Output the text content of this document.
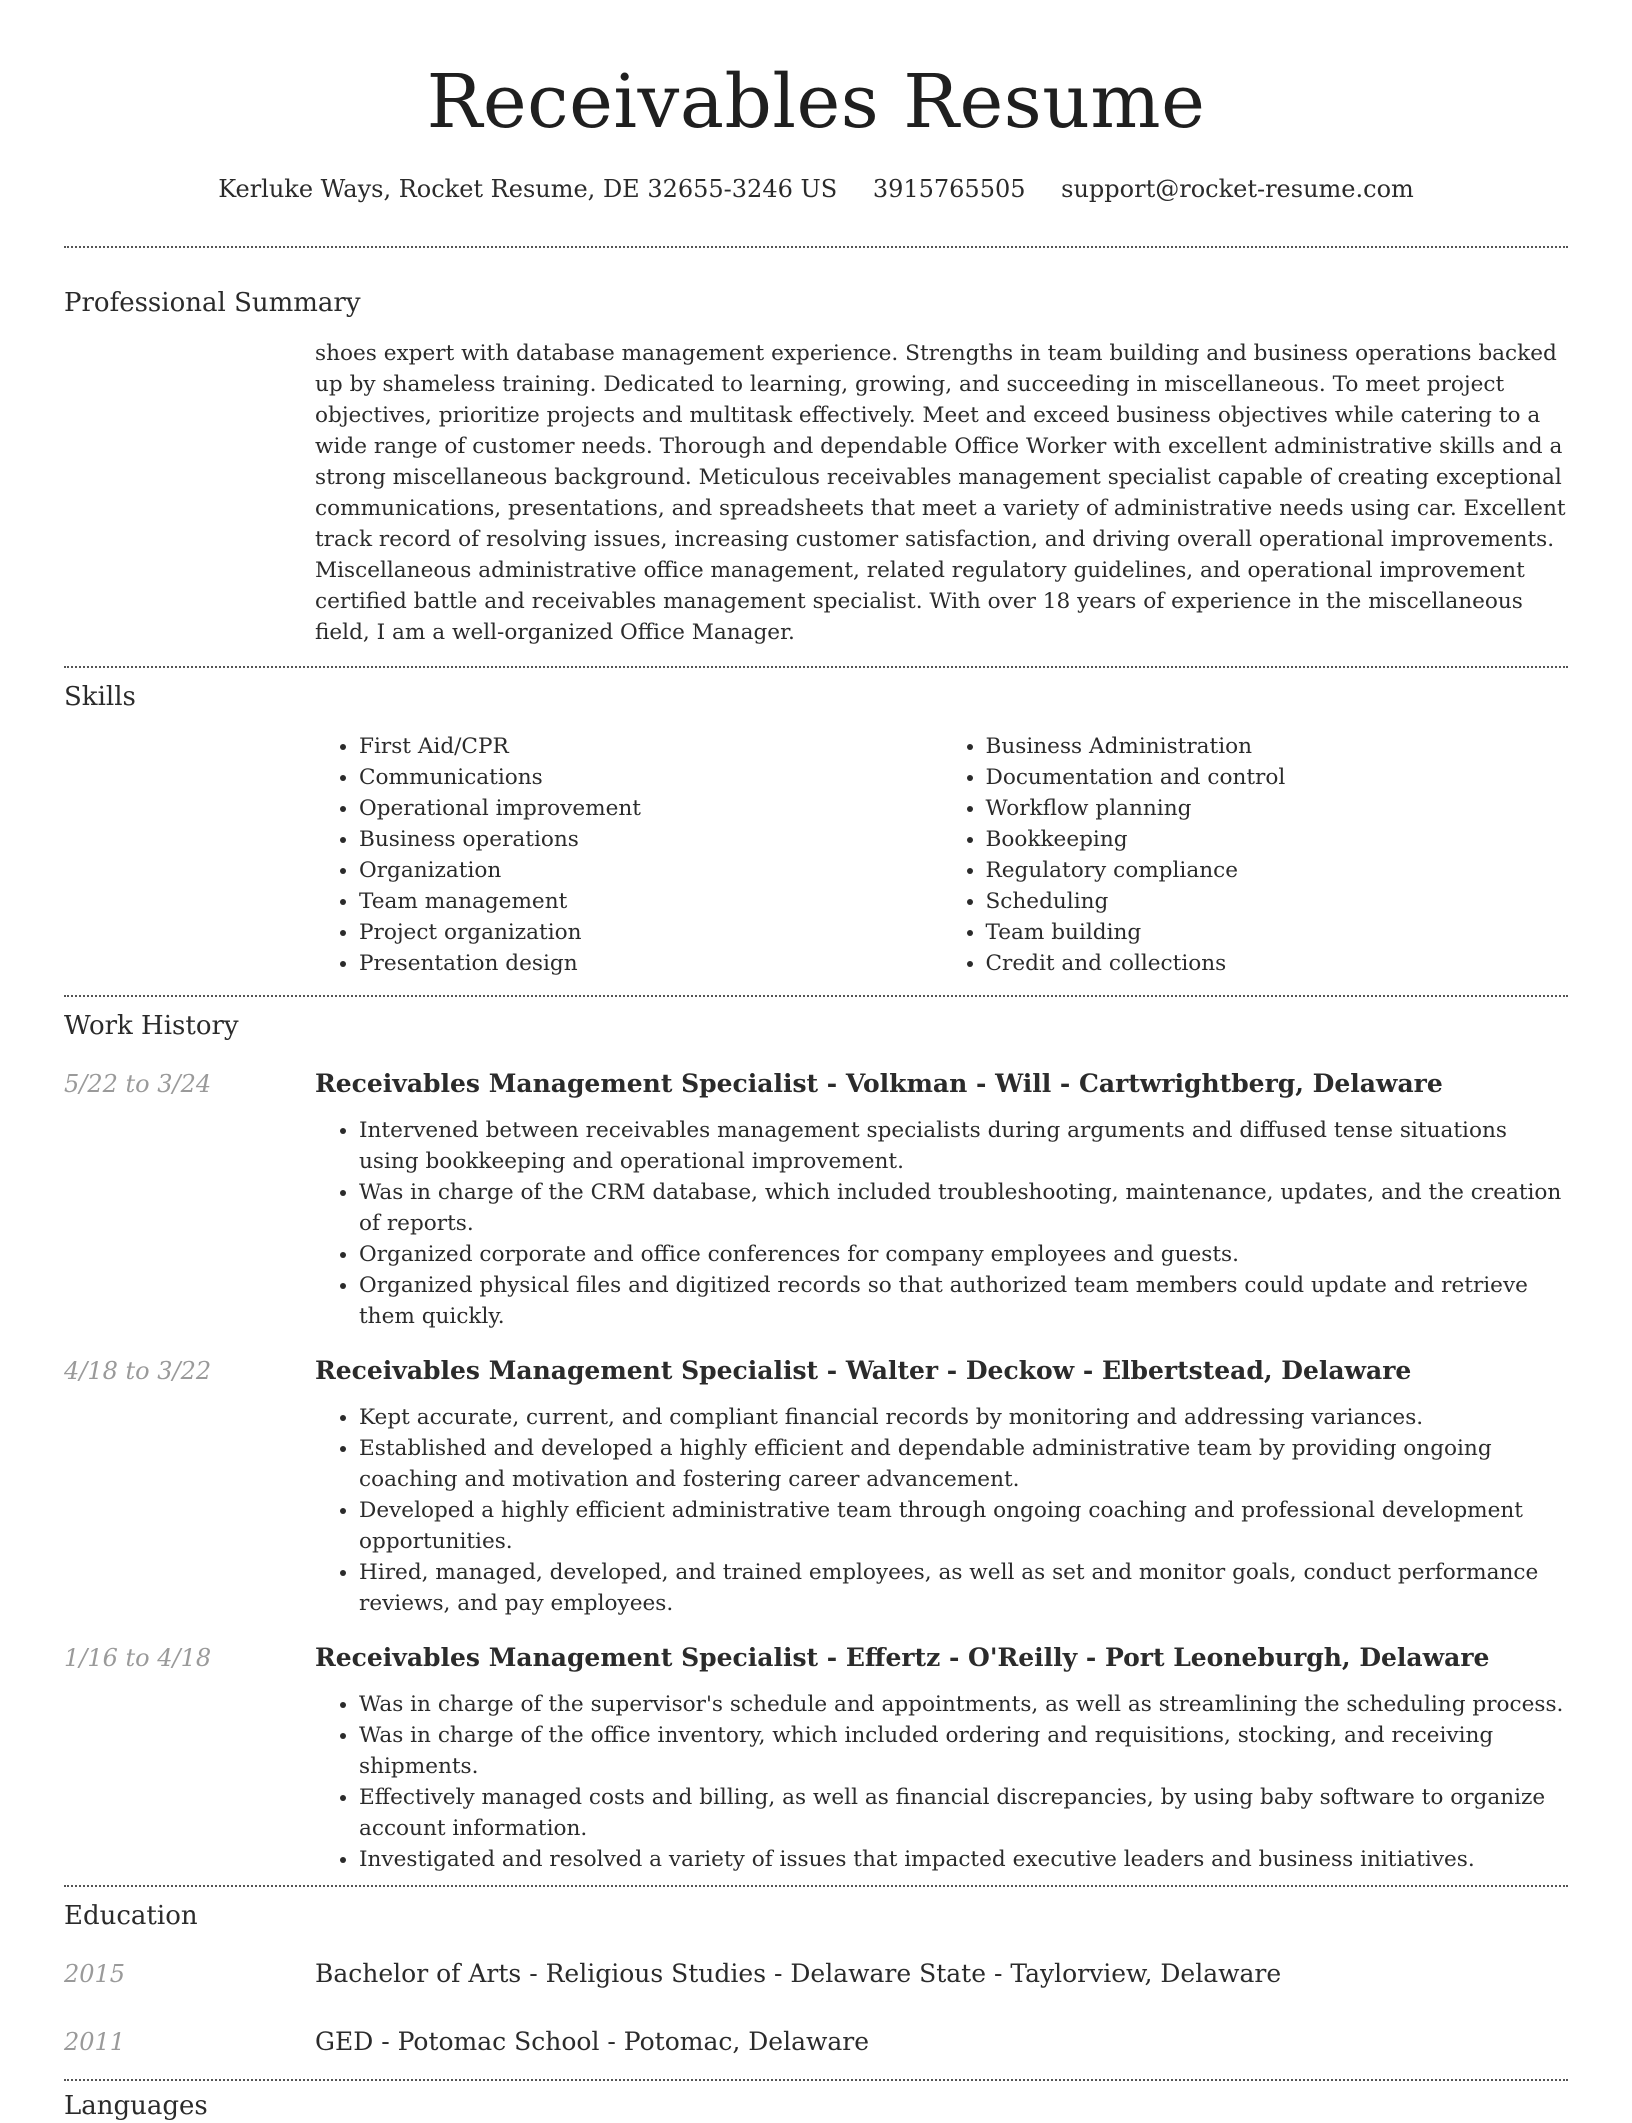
Receivables Resume
Kerluke Ways, Rocket Resume, DE 32655-3246 US 3915765505 support@rocket-resume.com
Professional Summary

shoes expert with database management experience. Strengths in team building and business operations backed up by shameless training. Dedicated to learning, growing, and succeeding in miscellaneous. To meet project objectives, prioritize projects and multitask effectively. Meet and exceed business objectives while catering to a wide range of customer needs. Thorough and dependable Office Worker with excellent administrative skills and a strong miscellaneous background. Meticulous receivables management specialist capable of creating exceptional communications, presentations, and spreadsheets that meet a variety of administrative needs using car. Excellent track record of resolving issues, increasing customer satisfaction, and driving overall operational improvements. Miscellaneous administrative office management, related regulatory guidelines, and operational improvement certified battle and receivables management specialist. With over 18 years of experience in the miscellaneous field, I am a well-organized Office Manager.

Skills
• First Aid/CPR
• Communications
• Operational improvement
• Business operations
• Organization
• Team management
• Project organization
• Presentation design
• Business Administration
• Documentation and control
• Workflow planning
• Bookkeeping
• Regulatory compliance
• Scheduling
• Team building
• Credit and collections
Work History
5/22 to 3/24	Receivables Management Specialist - Volkman - Will - Cartwrightberg, Delaware
• Intervened between receivables management specialists during arguments and diffused tense situations using bookkeeping and operational improvement.
• Was in charge of the CRM database, which included troubleshooting, maintenance, updates, and the creation of reports.
• Organized corporate and office conferences for company employees and guests.
• Organized physical files and digitized records so that authorized team members could update and retrieve them quickly.
4/18 to 3/22	Receivables Management Specialist - Walter - Deckow - Elbertstead, Delaware
• Kept accurate, current, and compliant financial records by monitoring and addressing variances.
• Established and developed a highly efficient and dependable administrative team by providing ongoing coaching and motivation and fostering career advancement.
• Developed a highly efficient administrative team through ongoing coaching and professional development opportunities.
• Hired, managed, developed, and trained employees, as well as set and monitor goals, conduct performance reviews, and pay employees.
1/16 to 4/18	Receivables Management Specialist - Effertz - O'Reilly - Port Leoneburgh, Delaware
• Was in charge of the supervisor's schedule and appointments, as well as streamlining the scheduling process.
• Was in charge of the office inventory, which included ordering and requisitions, stocking, and receiving shipments.
• Effectively managed costs and billing, as well as financial discrepancies, by using baby software to organize account information.
• Investigated and resolved a variety of issues that impacted executive leaders and business initiatives.
Education
2015	Bachelor of Arts - Religious Studies - Delaware State - Taylorview, Delaware
2011	GED - Potomac School - Potomac, Delaware
Languages
